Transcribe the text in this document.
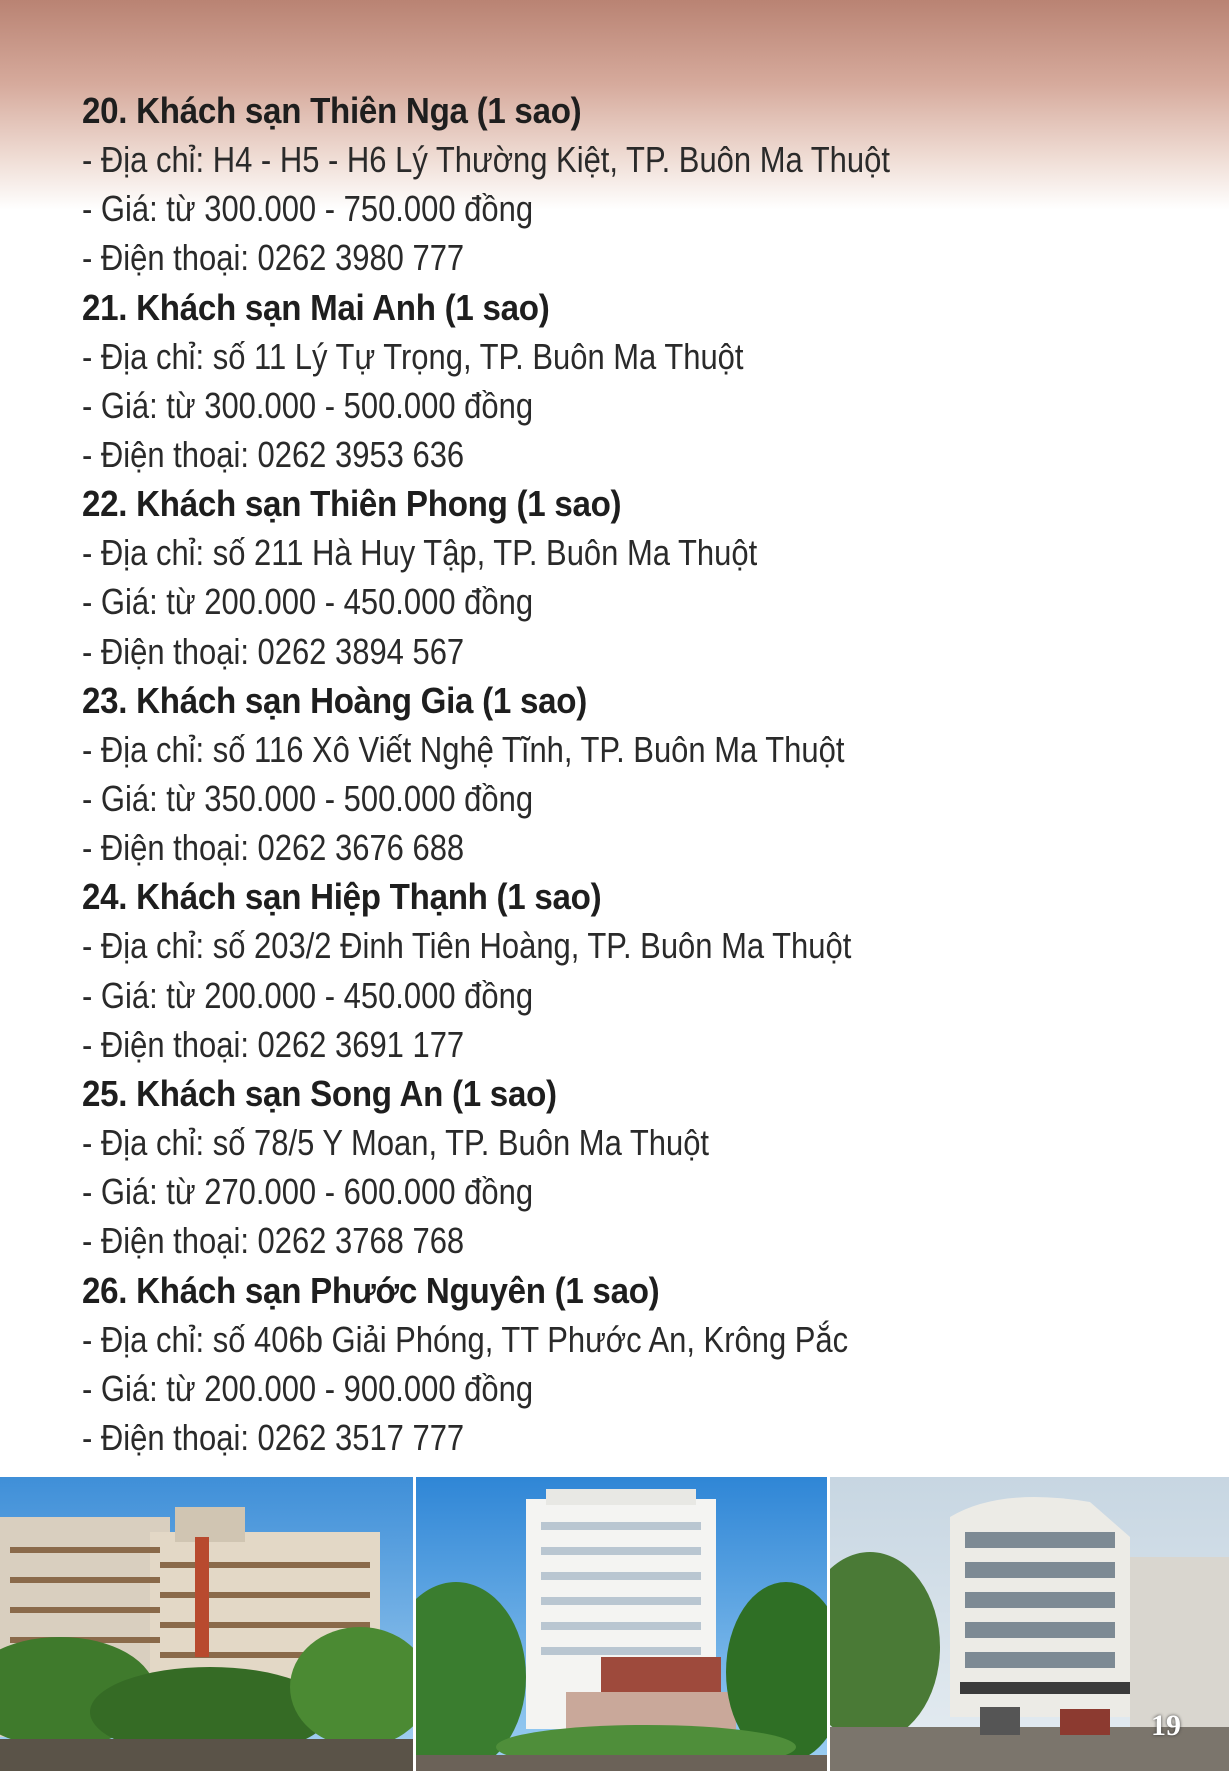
20. Khách sạn Thiên Nga (1 sao)

- Địa chỉ: H4 - H5 - H6 Lý Thường Kiệt, TP. Buôn Ma Thuột

- Giá: từ 300.000 - 750.000 đồng

- Điện thoại: 0262 3980 777

21. Khách sạn Mai Anh (1 sao)

- Địa chỉ: số 11 Lý Tự Trọng, TP. Buôn Ma Thuột

- Giá: từ 300.000 - 500.000 đồng

- Điện thoại: 0262 3953 636

22. Khách sạn Thiên Phong (1 sao)

- Địa chỉ: số 211 Hà Huy Tập, TP. Buôn Ma Thuột

- Giá: từ 200.000 - 450.000 đồng

- Điện thoại: 0262 3894 567

23. Khách sạn Hoàng Gia (1 sao)

- Địa chỉ: số 116 Xô Viết Nghệ Tĩnh, TP. Buôn Ma Thuột

- Giá: từ 350.000 - 500.000 đồng

- Điện thoại: 0262 3676 688

24. Khách sạn Hiệp Thạnh (1 sao)

- Địa chỉ: số 203/2 Đinh Tiên Hoàng, TP. Buôn Ma Thuột

- Giá: từ 200.000 - 450.000 đồng

- Điện thoại: 0262 3691 177

25. Khách sạn Song An (1 sao)

- Địa chỉ: số 78/5 Y Moan, TP. Buôn Ma Thuột

- Giá: từ 270.000 - 600.000 đồng

- Điện thoại: 0262 3768 768

26. Khách sạn Phước Nguyên (1 sao)

- Địa chỉ: số 406b Giải Phóng, TT Phước An, Krông Pắc

- Giá: từ 200.000 - 900.000 đồng

- Điện thoại: 0262 3517 777

19
